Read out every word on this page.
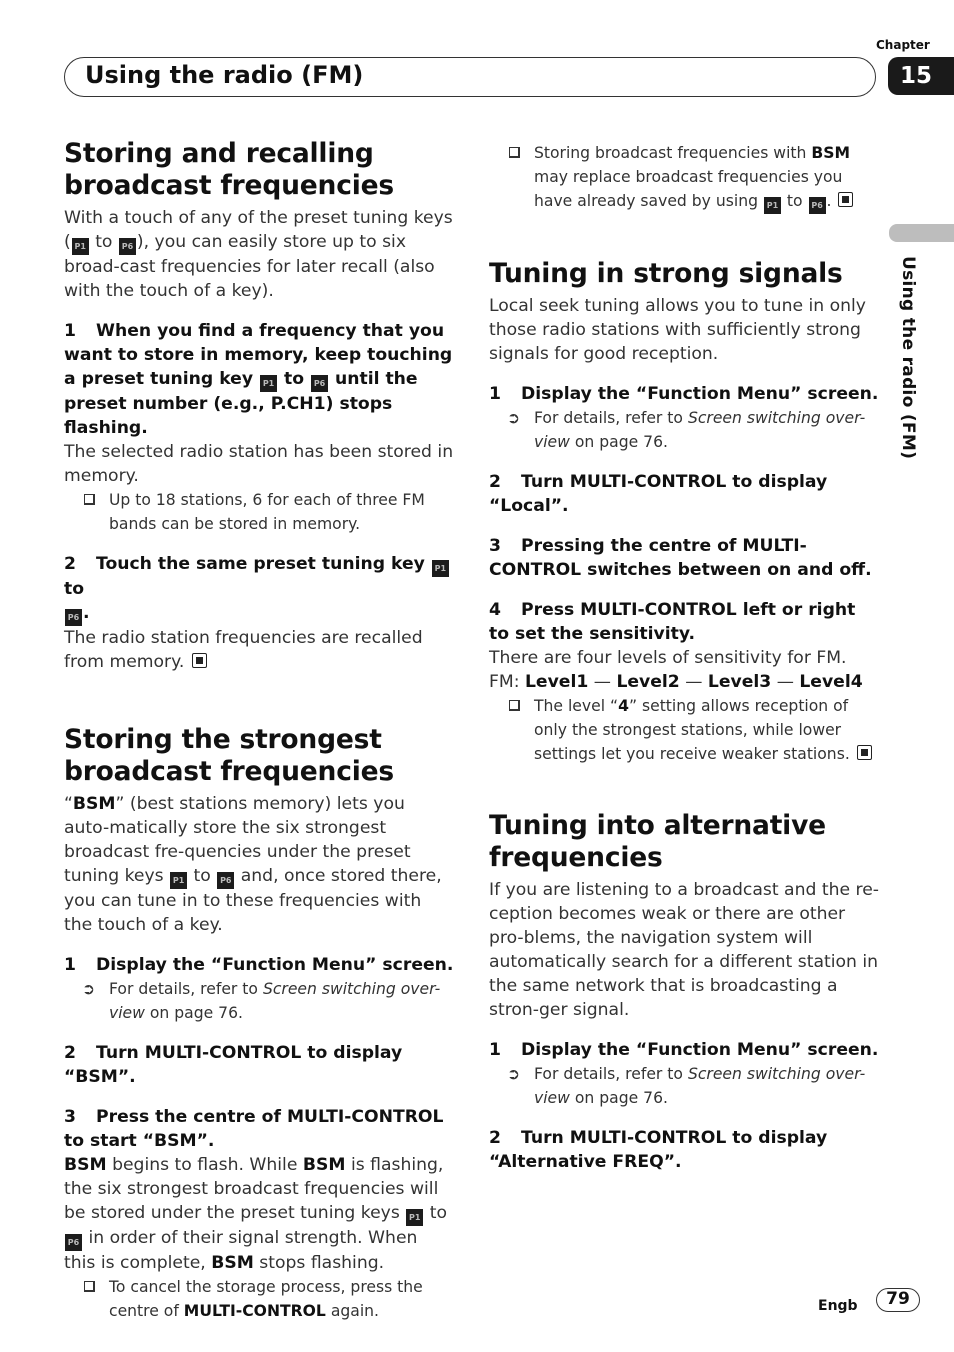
Chapter
15
Using the radio (FM)
Using the radio (FM)
Storing and recalling broadcast frequencies

With a touch of any of the preset tuning keys ( P1 to P6 ), you can easily store up to six broad-cast frequencies for later recall (also with the touch of a key).

1 When you find a frequency that you want to store in memory, keep touching a preset tuning key P1 to P6 until the preset number (e.g., P.CH1) stops flashing.

The selected radio station has been stored in memory.

Up to 18 stations, 6 for each of three FM bands can be stored in memory.

2 Touch the same preset tuning key P1 to
P6 .

The radio station frequencies are recalled from memory.

Storing the strongest broadcast frequencies

“BSM” (best stations memory) lets you auto-matically store the six strongest broadcast fre-quencies under the preset tuning keys P1 to P6 and, once stored there, you can tune in to these frequencies with the touch of a key.

1 Display the “Function Menu” screen.

➲ For details, refer to Screen switching over-view on page 76.

2 Turn MULTI-CONTROL to display “BSM”.

3 Press the centre of MULTI-CONTROL to start “BSM”.

BSM begins to flash. While BSM is flashing, the six strongest broadcast frequencies will be stored under the preset tuning keys P1 to P6 in order of their signal strength. When this is complete, BSM stops flashing.

To cancel the storage process, press the centre of MULTI-CONTROL again.
Storing broadcast frequencies with BSM may replace broadcast frequencies you have already saved by using P1 to P6 .
Tuning in strong signals

Local seek tuning allows you to tune in only those radio stations with sufficiently strong signals for good reception.

1 Display the “Function Menu” screen.

➲ For details, refer to Screen switching over-view on page 76.

2 Turn MULTI-CONTROL to display “Local”.

3 Pressing the centre of MULTI-CONTROL switches between on and off.

4 Press MULTI-CONTROL left or right to set the sensitivity.

There are four levels of sensitivity for FM.

FM: Level1 — Level2 — Level3 — Level4

The level “4” setting allows reception of only the strongest stations, while lower settings let you receive weaker stations.
Tuning into alternative frequencies

If you are listening to a broadcast and the re-ception becomes weak or there are other pro-blems, the navigation system will automatically search for a different station in the same network that is broadcasting a stron-ger signal.

1 Display the “Function Menu” screen.

➲ For details, refer to Screen switching over-view on page 76.

2 Turn MULTI-CONTROL to display “Alternative FREQ”.

Engb	79
